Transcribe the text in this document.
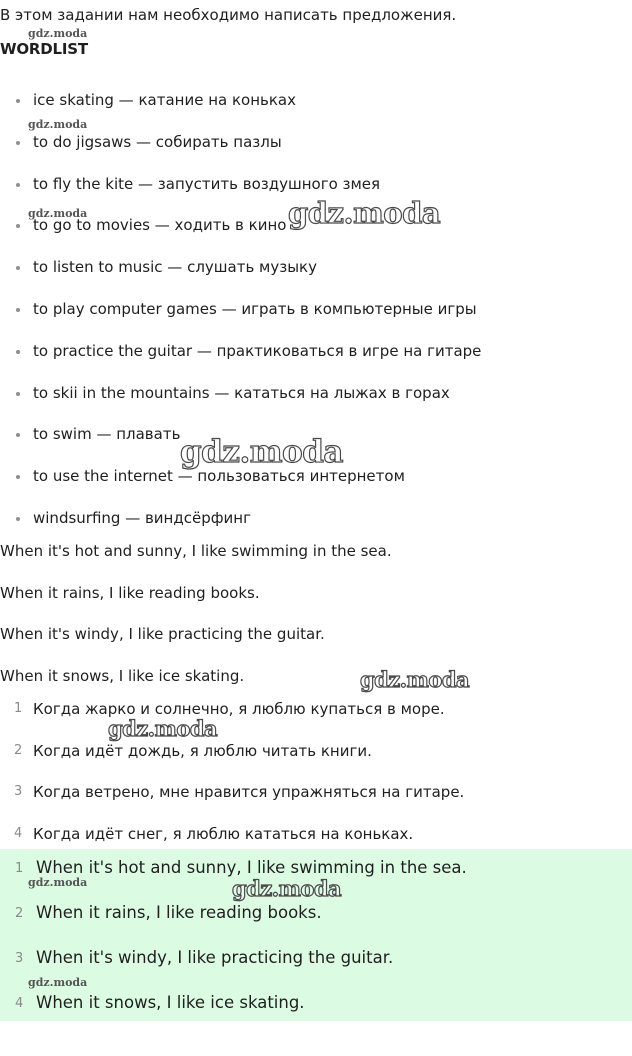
В этом задании нам необходимо написать предложения.
WORDLIST
ice skating — катание на коньках
to do jigsaws — собирать пазлы
to fly the kite — запустить воздушного змея
to go to movies — ходить в кино
to listen to music — слушать музыку
to play computer games — играть в компьютерные игры
to practice the guitar — практиковаться в игре на гитаре
to skii in the mountains — кататься на лыжах в горах
to swim — плавать
to use the internet — пользоваться интернетом
windsurfing — виндсёрфинг

When it's hot and sunny, I like swimming in the sea.

When it rains, I like reading books.

When it's windy, I like practicing the guitar.

When it snows, I like ice skating.

1 Когда жарко и солнечно, я люблю купаться в море.
2 Когда идёт дождь, я люблю читать книги.
3 Когда ветрено, мне нравится упражняться на гитаре.
4 Когда идёт снег, я люблю кататься на коньках.
1 When it's hot and sunny, I like swimming in the sea.
2 When it rains, I like reading books.
3 When it's windy, I like practicing the guitar.
4 When it snows, I like ice skating.
gdz.moda
gdz.moda
gdz.moda	gdz.moda
gdz.moda
gdz.moda
gdz.moda
gdz.moda	gdz.moda
gdz.moda
